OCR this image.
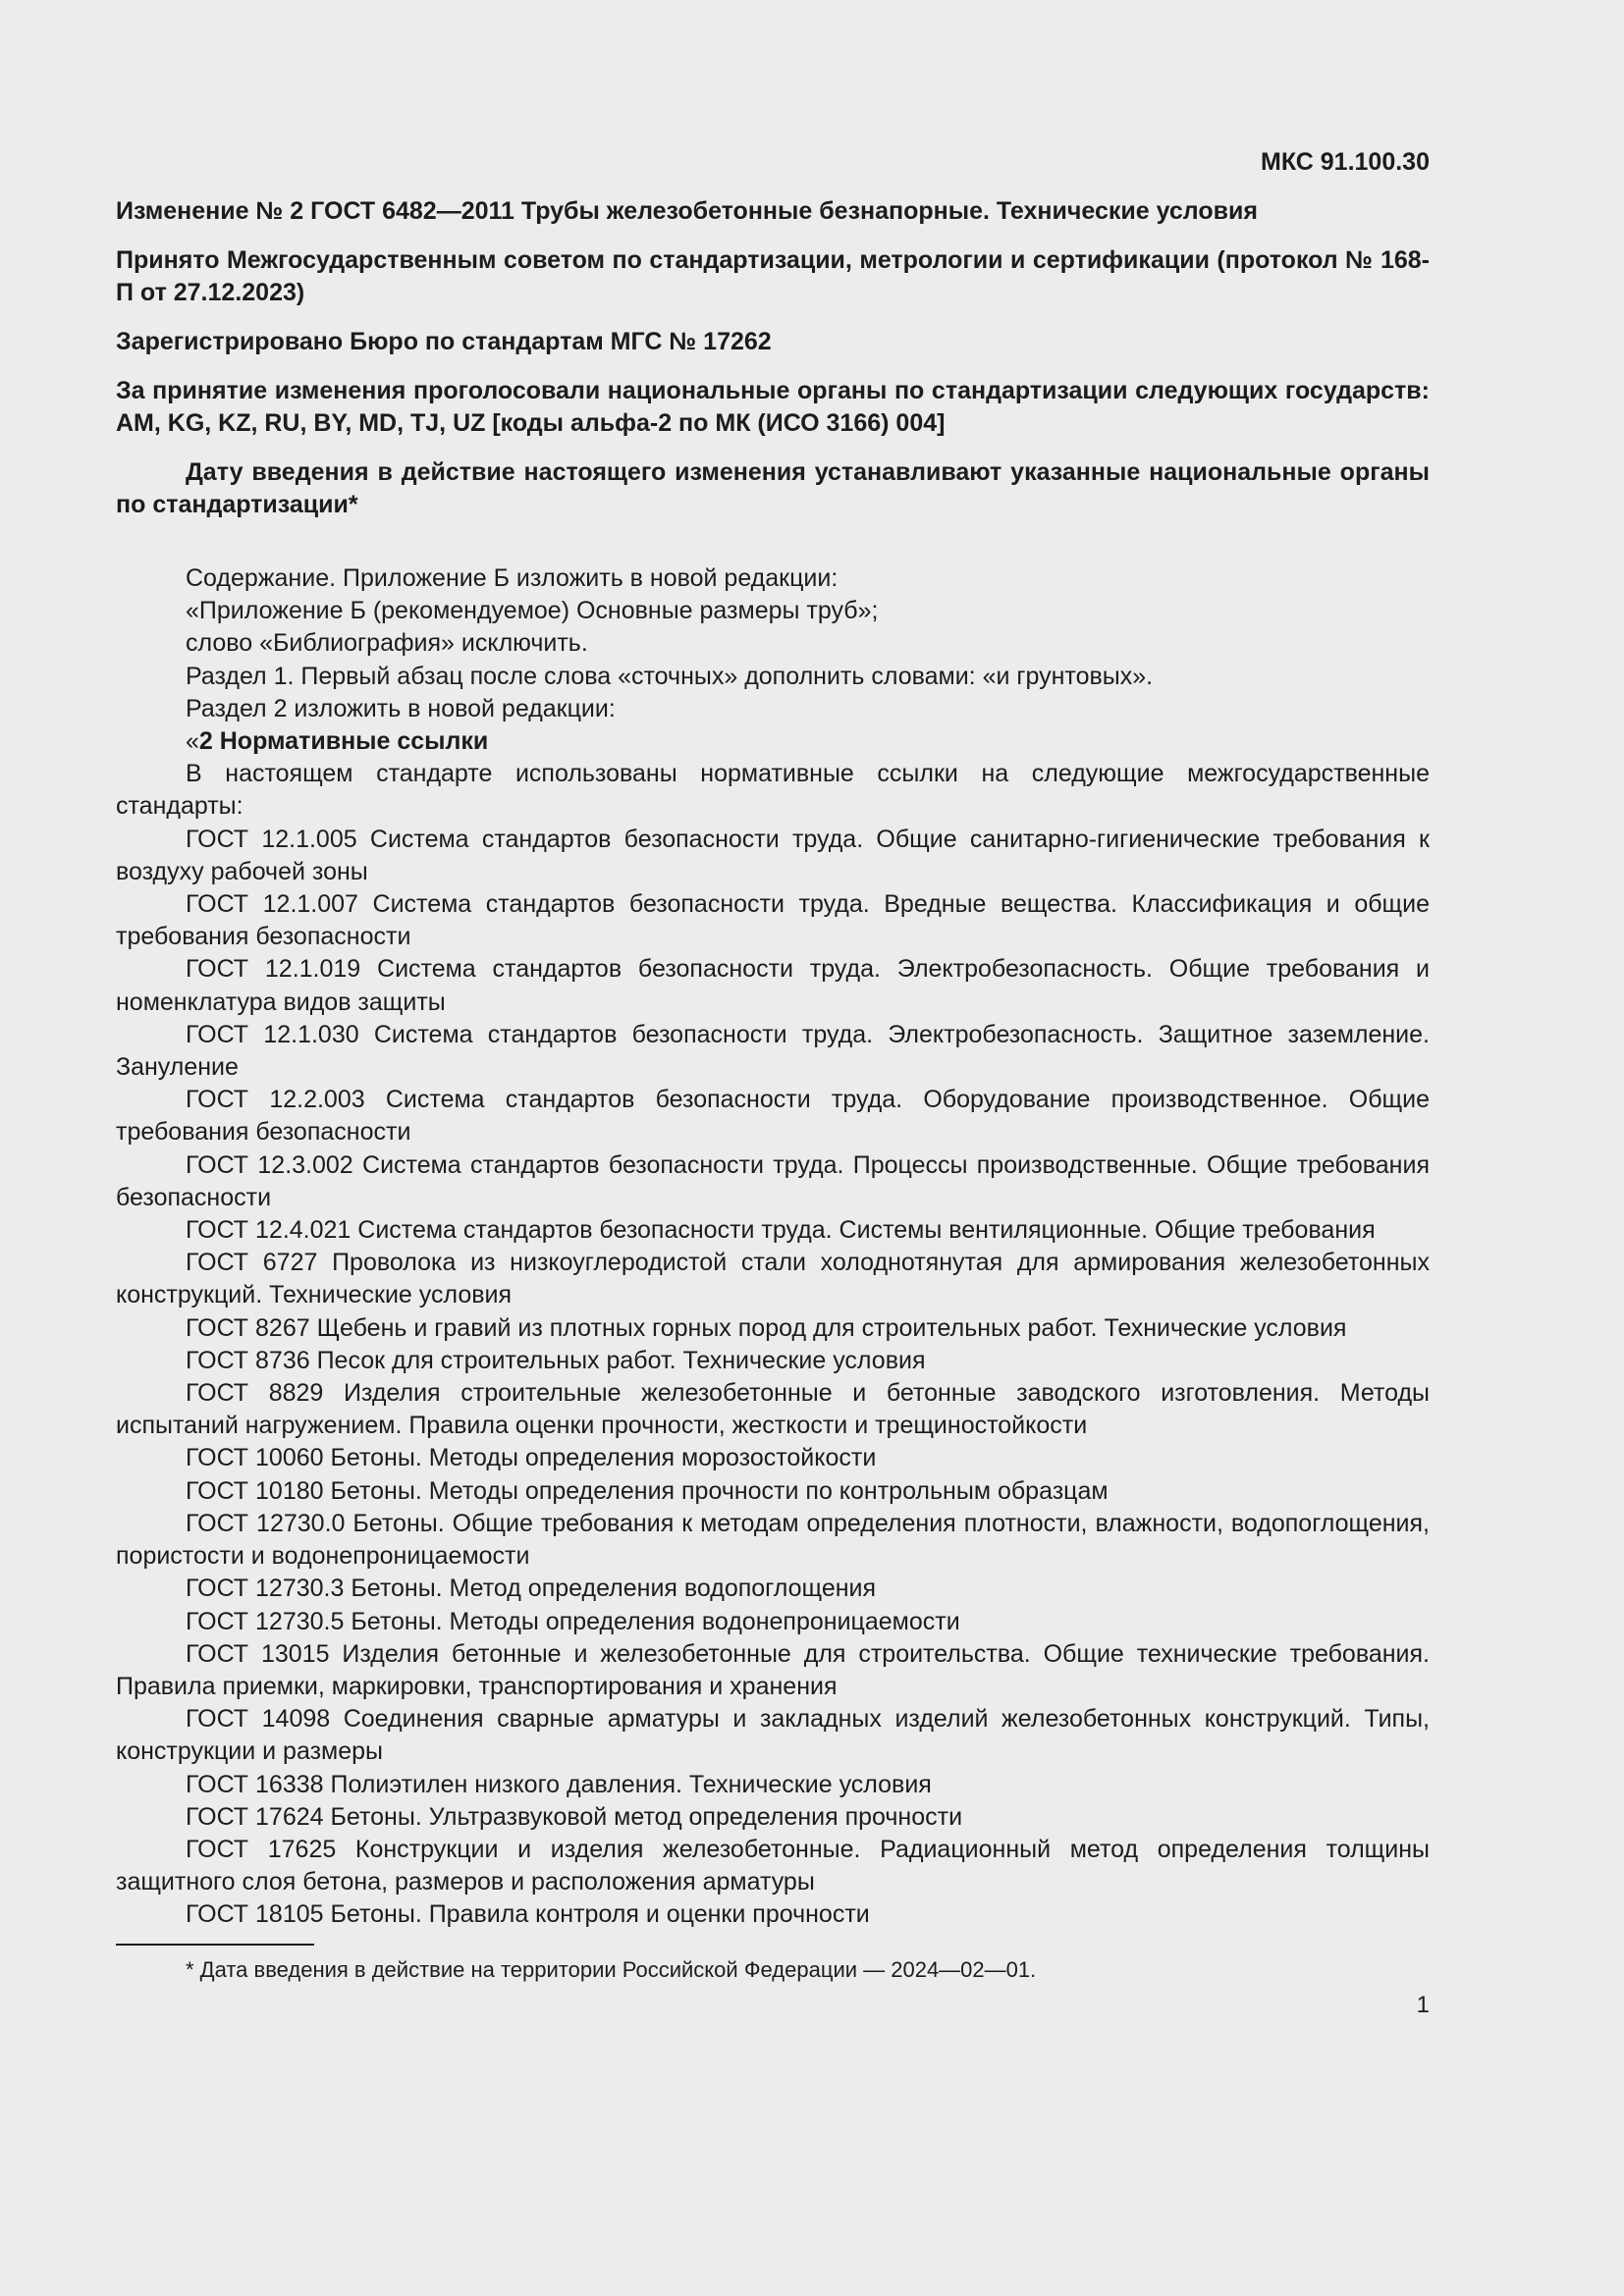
МКС 91.100.30
Изменение № 2 ГОСТ 6482—2011 Трубы железобетонные безнапорные. Технические условия
Принято Межгосударственным советом по стандартизации, метрологии и сертификации (протокол № 168-П от 27.12.2023)
Зарегистрировано Бюро по стандартам МГС № 17262
За принятие изменения проголосовали национальные органы по стандартизации следующих государств: AM, KG, KZ, RU, BY, MD, TJ, UZ [коды альфа-2 по МК (ИСО 3166) 004]
Дату введения в действие настоящего изменения устанавливают указанные национальные органы по стандартизации*

Содержание. Приложение Б изложить в новой редакции:

«Приложение Б (рекомендуемое) Основные размеры труб»;

слово «Библиография» исключить.

Раздел 1. Первый абзац после слова «сточных» дополнить словами: «и грунтовых».

Раздел 2 изложить в новой редакции:

«2 Нормативные ссылки

В настоящем стандарте использованы нормативные ссылки на следующие межгосударственные стандарты:

ГОСТ 12.1.005 Система стандартов безопасности труда. Общие санитарно-гигиенические требования к воздуху рабочей зоны

ГОСТ 12.1.007 Система стандартов безопасности труда. Вредные вещества. Классификация и общие требования безопасности

ГОСТ 12.1.019 Система стандартов безопасности труда. Электробезопасность. Общие требования и номенклатура видов защиты

ГОСТ 12.1.030 Система стандартов безопасности труда. Электробезопасность. Защитное заземление. Зануление

ГОСТ 12.2.003 Система стандартов безопасности труда. Оборудование производственное. Общие требования безопасности

ГОСТ 12.3.002 Система стандартов безопасности труда. Процессы производственные. Общие требования безопасности

ГОСТ 12.4.021 Система стандартов безопасности труда. Системы вентиляционные. Общие требования

ГОСТ 6727 Проволока из низкоуглеродистой стали холоднотянутая для армирования железобетонных конструкций. Технические условия

ГОСТ 8267 Щебень и гравий из плотных горных пород для строительных работ. Технические условия

ГОСТ 8736 Песок для строительных работ. Технические условия

ГОСТ 8829 Изделия строительные железобетонные и бетонные заводского изготовления. Методы испытаний нагружением. Правила оценки прочности, жесткости и трещиностойкости

ГОСТ 10060 Бетоны. Методы определения морозостойкости

ГОСТ 10180 Бетоны. Методы определения прочности по контрольным образцам

ГОСТ 12730.0 Бетоны. Общие требования к методам определения плотности, влажности, водопоглощения, пористости и водонепроницаемости

ГОСТ 12730.3 Бетоны. Метод определения водопоглощения

ГОСТ 12730.5 Бетоны. Методы определения водонепроницаемости

ГОСТ 13015 Изделия бетонные и железобетонные для строительства. Общие технические требования. Правила приемки, маркировки, транспортирования и хранения

ГОСТ 14098 Соединения сварные арматуры и закладных изделий железобетонных конструкций. Типы, конструкции и размеры

ГОСТ 16338 Полиэтилен низкого давления. Технические условия

ГОСТ 17624 Бетоны. Ультразвуковой метод определения прочности

ГОСТ 17625 Конструкции и изделия железобетонные. Радиационный метод определения толщины защитного слоя бетона, размеров и расположения арматуры

ГОСТ 18105 Бетоны. Правила контроля и оценки прочности

* Дата введения в действие на территории Российской Федерации — 2024—02—01.

1
